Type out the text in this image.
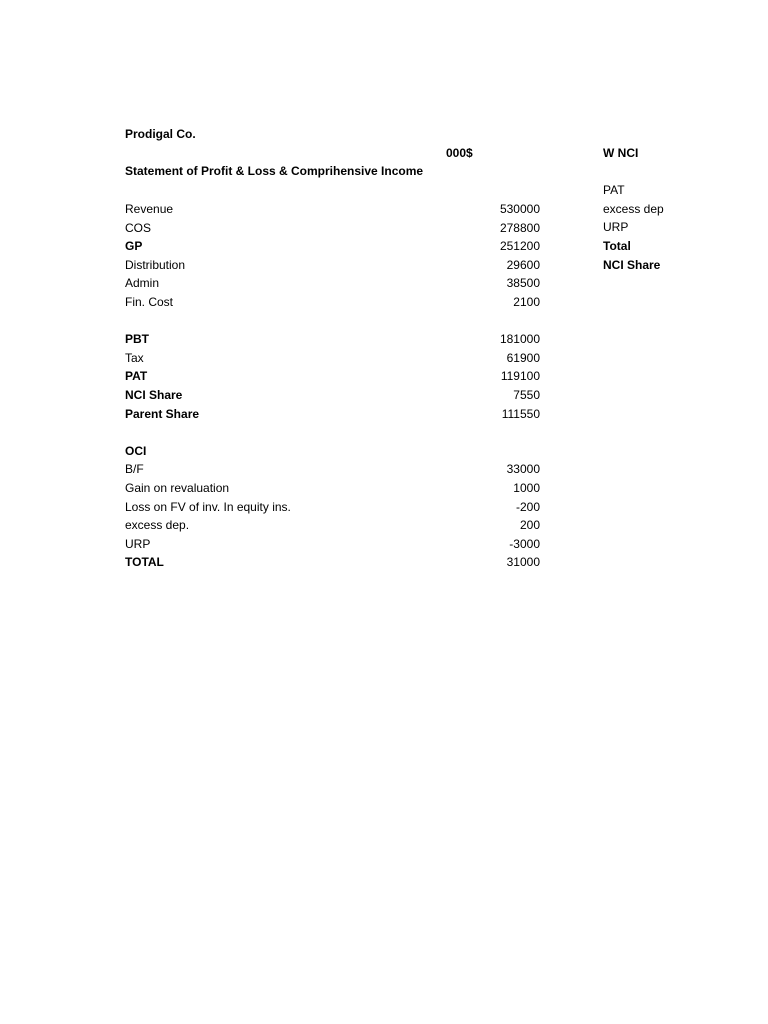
Prodigal Co.
000$
Statement of Profit & Loss & Comprihensive Income
Revenue	530000
COS	278800
GP	251200
Distribution	29600
Admin	38500
Fin. Cost	2100
PBT	181000
Tax	61900
PAT	119100
NCI Share	7550
Parent Share	111550
OCI
B/F	33000
Gain on revaluation	1000
Loss on FV of inv. In equity ins.	-200
excess dep.	200
URP	-3000
TOTAL	31000
W NCI
PAT
excess dep
URP
Total
NCI Share
